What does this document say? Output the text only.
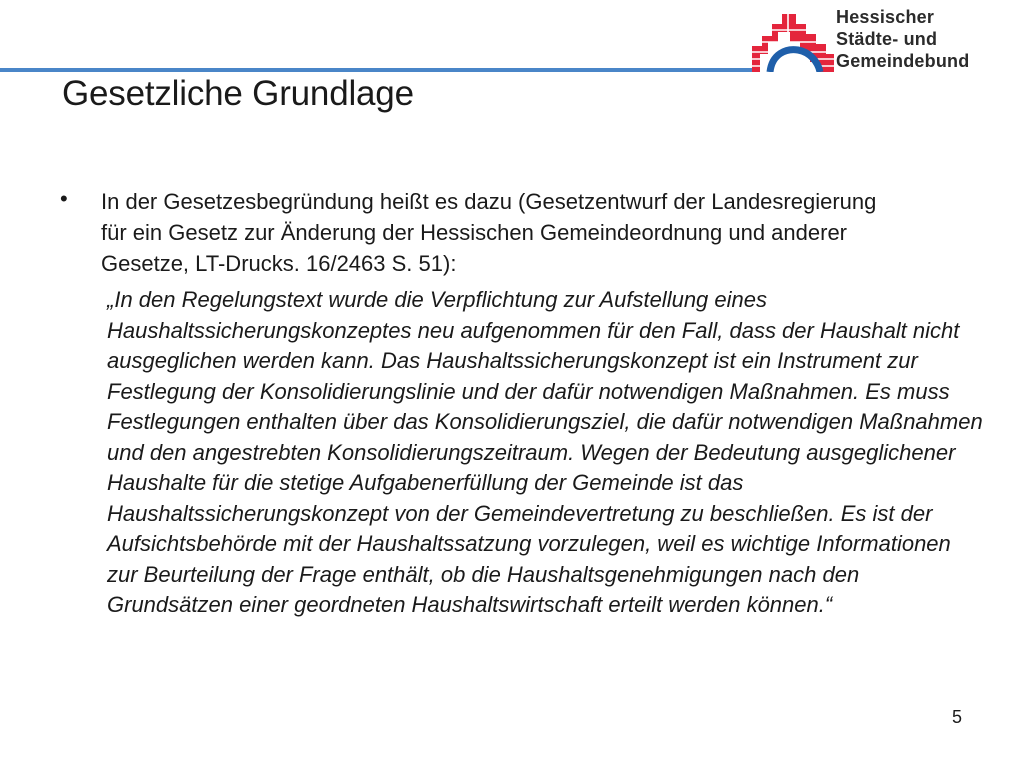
Hessischer
Städte- und
Gemeindebund
Gesetzliche Grundlage
• In der Gesetzesbegründung heißt es dazu (Gesetzentwurf der Landesregierung für ein Gesetz zur Änderung der Hessischen Gemeindeordnung und anderer Gesetze, LT-Drucks. 16/2463 S. 51):

„In den Regelungstext wurde die Verpflichtung zur Aufstellung eines Haushaltssicherungskonzeptes neu aufgenommen für den Fall, dass der Haushalt nicht ausgeglichen werden kann. Das Haushaltssicherungskonzept ist ein Instrument zur Festlegung der Konsolidierungslinie und der dafür notwendigen Maßnahmen. Es muss Festlegungen enthalten über das Konsolidierungsziel, die dafür notwendigen Maßnahmen und den angestrebten Konsolidierungszeitraum. Wegen der Bedeutung ausgeglichener Haushalte für die stetige Aufgabenerfüllung der Gemeinde ist das Haushaltssicherungskonzept von der Gemeindevertretung zu beschließen. Es ist der Aufsichtsbehörde mit der Haushaltssatzung vorzulegen, weil es wichtige Informationen zur Beurteilung der Frage enthält, ob die Haushaltsgenehmigungen nach den Grundsätzen einer geordneten Haushaltswirtschaft erteilt werden können.“

5
